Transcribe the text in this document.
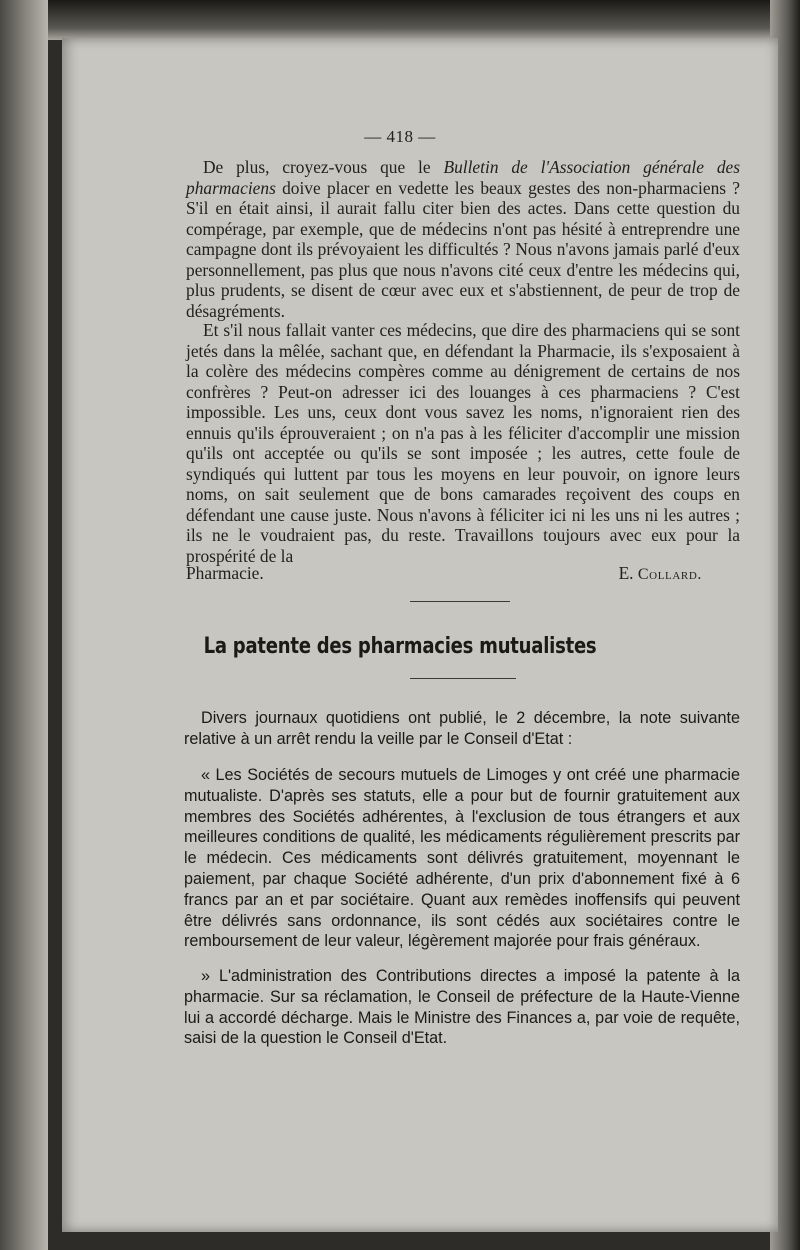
— 418 —

De plus, croyez-vous que le Bulletin de l'Association générale des pharmaciens doive placer en vedette les beaux gestes des non-pharmaciens ? S'il en était ainsi, il aurait fallu citer bien des actes. Dans cette question du compérage, par exemple, que de médecins n'ont pas hésité à entreprendre une campagne dont ils prévoyaient les difficultés ? Nous n'avons jamais parlé d'eux personnellement, pas plus que nous n'avons cité ceux d'entre les médecins qui, plus prudents, se disent de cœur avec eux et s'abstiennent, de peur de trop de désagréments.

Et s'il nous fallait vanter ces médecins, que dire des pharmaciens qui se sont jetés dans la mêlée, sachant que, en défendant la Pharmacie, ils s'exposaient à la colère des médecins compères comme au dénigrement de certains de nos confrères ? Peut-on adresser ici des louanges à ces pharmaciens ? C'est impossible. Les uns, ceux dont vous savez les noms, n'ignoraient rien des ennuis qu'ils éprouveraient ; on n'a pas à les féliciter d'accomplir une mission qu'ils ont acceptée ou qu'ils se sont imposée ; les autres, cette foule de syndiqués qui luttent par tous les moyens en leur pouvoir, on ignore leurs noms, on sait seulement que de bons camarades reçoivent des coups en défendant une cause juste. Nous n'avons à féliciter ici ni les uns ni les autres ; ils ne le voudraient pas, du reste. Travaillons toujours avec eux pour la prospérité de la

Pharmacie.	E. Collard.
La patente des pharmacies mutualistes

Divers journaux quotidiens ont publié, le 2 décembre, la note suivante relative à un arrêt rendu la veille par le Conseil d'Etat :

« Les Sociétés de secours mutuels de Limoges y ont créé une pharmacie mutualiste. D'après ses statuts, elle a pour but de fournir gratuitement aux membres des Sociétés adhérentes, à l'exclusion de tous étrangers et aux meilleures conditions de qualité, les médicaments régulièrement prescrits par le médecin. Ces médicaments sont délivrés gratuitement, moyennant le paiement, par chaque Société adhérente, d'un prix d'abonnement fixé à 6 francs par an et par sociétaire. Quant aux remèdes inoffensifs qui peuvent être délivrés sans ordonnance, ils sont cédés aux sociétaires contre le remboursement de leur valeur, légèrement majorée pour frais généraux.

» L'administration des Contributions directes a imposé la patente à la pharmacie. Sur sa réclamation, le Conseil de préfecture de la Haute-Vienne lui a accordé décharge. Mais le Ministre des Finances a, par voie de requête, saisi de la question le Conseil d'Etat.
